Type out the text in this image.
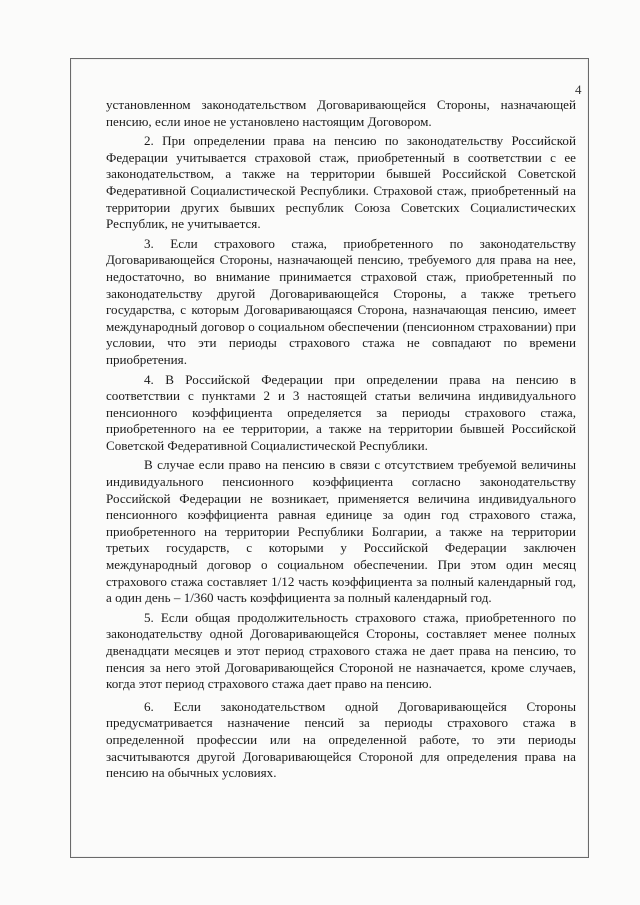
4

установленном законодательством Договаривающейся Стороны, назначающей пенсию, если иное не установлено настоящим Договором.

2. При определении права на пенсию по законодательству Российской Федерации учитывается страховой стаж, приобретенный в соответствии с ее законодательством, а также на территории бывшей Российской Советской Федеративной Социалистической Республики. Страховой стаж, приобретенный на территории других бывших республик Союза Советских Социалистических Республик, не учитывается.

3. Если страхового стажа, приобретенного по законодательству Договаривающейся Стороны, назначающей пенсию, требуемого для права на нее, недостаточно, во внимание принимается страховой стаж, приобретенный по законодательству другой Договаривающейся Стороны, а также третьего государства, с которым Договаривающаяся Сторона, назначающая пенсию, имеет международный договор о социальном обеспечении (пенсионном страховании) при условии, что эти периоды страхового стажа не совпадают по времени приобретения.

4. В Российской Федерации при определении права на пенсию в соответствии с пунктами 2 и 3 настоящей статьи величина индивидуального пенсионного коэффициента определяется за периоды страхового стажа, приобретенного на ее территории, а также на территории бывшей Российской Советской Федеративной Социалистической Республики.

В случае если право на пенсию в связи с отсутствием требуемой величины индивидуального пенсионного коэффициента согласно законодательству Российской Федерации не возникает, применяется величина индивидуального пенсионного коэффициента равная единице за один год страхового стажа, приобретенного на территории Республики Болгарии, а также на территории третьих государств, с которыми у Российской Федерации заключен международный договор о социальном обеспечении. При этом один месяц страхового стажа составляет 1/12 часть коэффициента за полный календарный год, а один день – 1/360 часть коэффициента за полный календарный год.

5. Если общая продолжительность страхового стажа, приобретенного по законодательству одной Договаривающейся Стороны, составляет менее полных двенадцати месяцев и этот период страхового стажа не дает права на пенсию, то пенсия за него этой Договаривающейся Стороной не назначается, кроме случаев, когда этот период страхового стажа дает право на пенсию.

6. Если законодательством одной Договаривающейся Стороны предусматривается назначение пенсий за периоды страхового стажа в определенной профессии или на определенной работе, то эти периоды засчитываются другой Договаривающейся Стороной для определения права на пенсию на обычных условиях.
